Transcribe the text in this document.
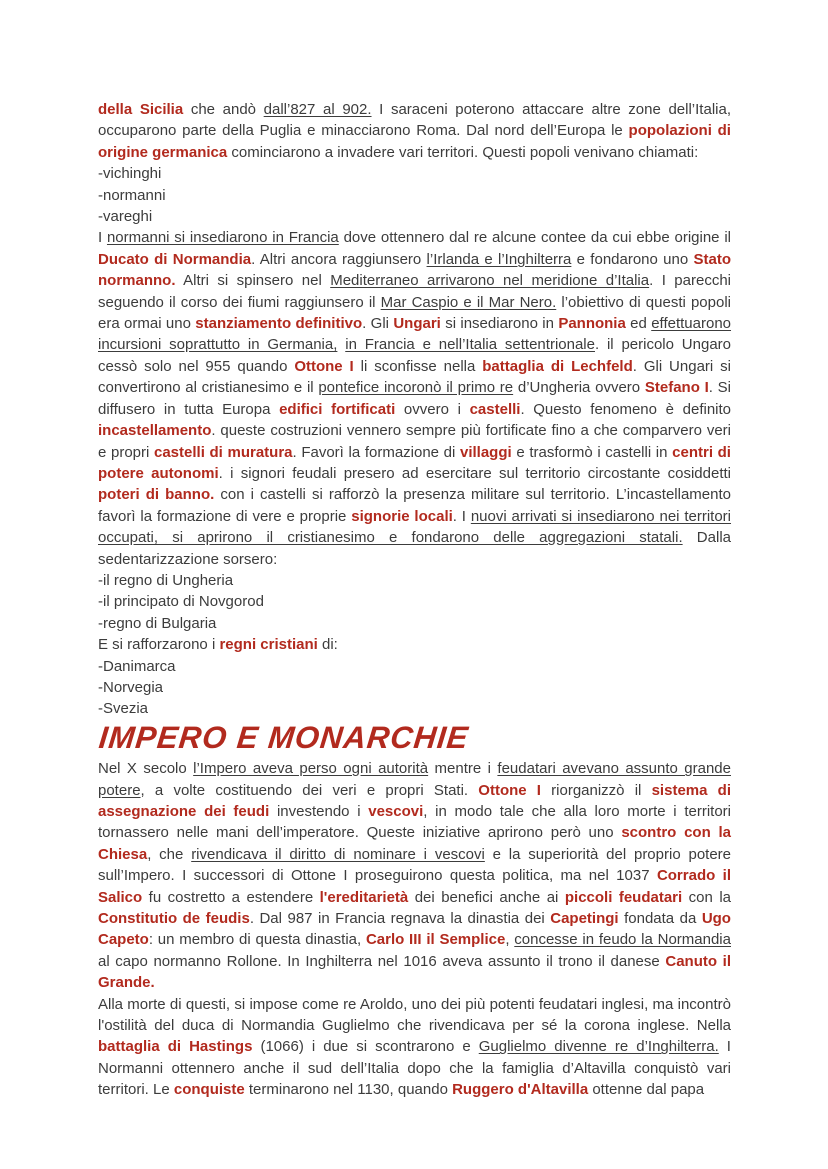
della Sicilia che andò dall’827 al 902. I saraceni poterono attaccare altre zone dell’Italia, occuparono parte della Puglia e minacciarono Roma. Dal nord dell’Europa le popolazioni di origine germanica cominciarono a invadere vari territori. Questi popoli venivano chiamati:

-vichinghi

-normanni

-vareghi

I normanni si insediarono in Francia dove ottennero dal re alcune contee da cui ebbe origine il Ducato di Normandia. Altri ancora raggiunsero l’Irlanda e l’Inghilterra e fondarono uno Stato normanno. Altri si spinsero nel Mediterraneo arrivarono nel meridione d’Italia. I parecchi seguendo il corso dei fiumi raggiunsero il Mar Caspio e il Mar Nero. l’obiettivo di questi popoli era ormai uno stanziamento definitivo. Gli Ungari si insediarono in Pannonia ed effettuarono incursioni soprattutto in Germania, in Francia e nell’Italia settentrionale. il pericolo Ungaro cessò solo nel 955 quando Ottone I li sconfisse nella battaglia di Lechfeld. Gli Ungari si convertirono al cristianesimo e il pontefice incoronò il primo re d’Ungheria ovvero Stefano I. Si diffusero in tutta Europa edifici fortificati ovvero i castelli. Questo fenomeno è definito incastellamento. queste costruzioni vennero sempre più fortificate fino a che comparvero veri e propri castelli di muratura. Favorì la formazione di villaggi e trasformò i castelli in centri di potere autonomi. i signori feudali presero ad esercitare sul territorio circostante cosiddetti poteri di banno. con i castelli si rafforzò la presenza militare sul territorio. L’incastellamento favorì la formazione di vere e proprie signorie locali. I nuovi arrivati si insediarono nei territori occupati, si aprirono il cristianesimo e fondarono delle aggregazioni statali. Dalla sedentarizzazione sorsero:

-il regno di Ungheria

-il principato di Novgorod

-regno di Bulgaria

E si rafforzarono i regni cristiani di:

-Danimarca

-Norvegia

-Svezia

IMPERO E MONARCHIE

Nel X secolo l’Impero aveva perso ogni autorità mentre i feudatari avevano assunto grande potere, a volte costituendo dei veri e propri Stati. Ottone I riorganizzò il sistema di assegnazione dei feudi investendo i vescovi, in modo tale che alla loro morte i territori tornassero nelle mani dell’imperatore. Queste iniziative aprirono però uno scontro con la Chiesa, che rivendicava il diritto di nominare i vescovi e la superiorità del proprio potere sull’Impero. I successori di Ottone I proseguirono questa politica, ma nel 1037 Corrado il Salico fu costretto a estendere l'ereditarietà dei benefici anche ai piccoli feudatari con la Constitutio de feudis. Dal 987 in Francia regnava la dinastia dei Capetingi fondata da Ugo Capeto: un membro di questa dinastia, Carlo III il Semplice, concesse in feudo la Normandia al capo normanno Rollone. In Inghilterra nel 1016 aveva assunto il trono il danese Canuto il Grande.

Alla morte di questi, si impose come re Aroldo, uno dei più potenti feudatari inglesi, ma incontrò l'ostilità del duca di Normandia Guglielmo che rivendicava per sé la corona inglese. Nella battaglia di Hastings (1066) i due si scontrarono e Guglielmo divenne re d’Inghilterra. I Normanni ottennero anche il sud dell’Italia dopo che la famiglia d’Altavilla conquistò vari territori. Le conquiste terminarono nel 1130, quando Ruggero d'Altavilla ottenne dal papa
